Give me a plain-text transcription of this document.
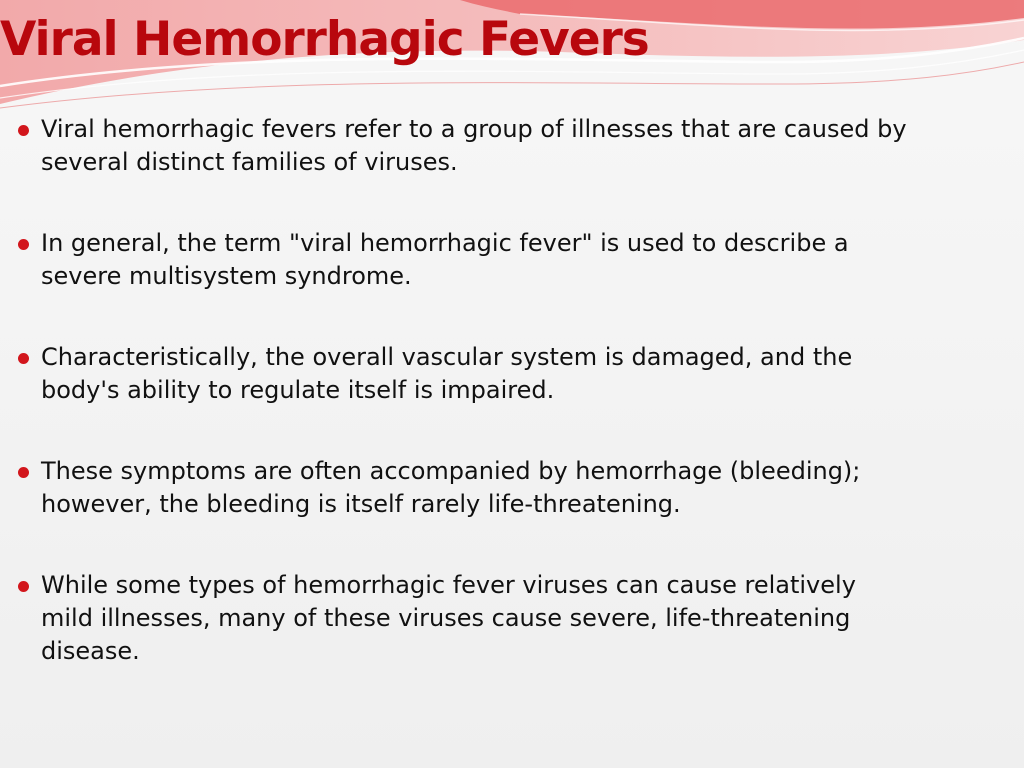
Viral Hemorrhagic Fevers
Viral hemorrhagic fevers refer to a group of illnesses that are caused by several distinct families of viruses.
In general, the term "viral hemorrhagic fever" is used to describe a severe multisystem syndrome.
Characteristically, the overall vascular system is damaged, and the body's ability to regulate itself is impaired.
These symptoms are often accompanied by hemorrhage (bleeding); however, the bleeding is itself rarely life-threatening.
While some types of hemorrhagic fever viruses can cause relatively mild illnesses, many of these viruses cause severe, life-threatening disease.
